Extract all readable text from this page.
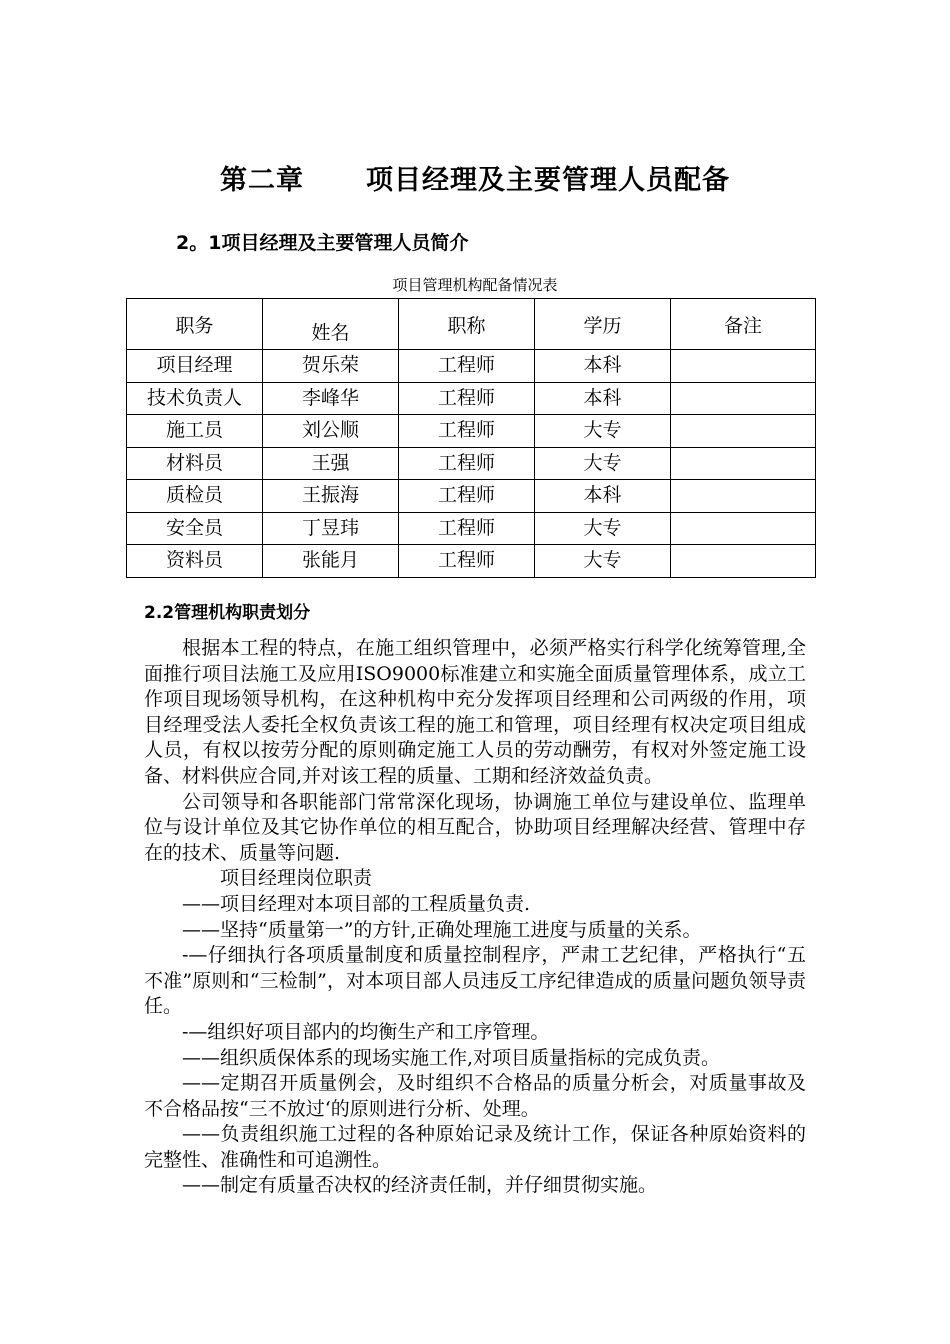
第二章 项目经理及主要管理人员配备
2。1项目经理及主要管理人员简介
项目管理机构配备情况表
职务	姓名	职称	学历	备注
项目经理	贺乐荣	工程师	本科	
技术负责人	李峰华	工程师	本科	
施工员	刘公顺	工程师	大专	
材料员	王强	工程师	大专	
质检员	王振海	工程师	本科	
安全员	丁昱玮	工程师	大专	
资料员	张能月	工程师	大专	
2.2管理机构职责划分

根据本工程的特点，在施工组织管理中，必须严格实行科学化统筹管理,全面推行项目法施工及应用ISO9000标准建立和实施全面质量管理体系，成立工作项目现场领导机构，在这种机构中充分发挥项目经理和公司两级的作用，项目经理受法人委托全权负责该工程的施工和管理，项目经理有权决定项目组成人员，有权以按劳分配的原则确定施工人员的劳动酬劳，有权对外签定施工设备、材料供应合同,并对该工程的质量、工期和经济效益负责。

公司领导和各职能部门常常深化现场，协调施工单位与建设单位、监理单位与设计单位及其它协作单位的相互配合，协助项目经理解决经营、管理中存在的技术、质量等问题.

项目经理岗位职责

——项目经理对本项目部的工程质量负责.

——坚持“质量第一”的方针,正确处理施工进度与质量的关系。

-—仔细执行各项质量制度和质量控制程序，严肃工艺纪律，严格执行“五不准”原则和“三检制”，对本项目部人员违反工序纪律造成的质量问题负领导责任。

-—组织好项目部内的均衡生产和工序管理。

——组织质保体系的现场实施工作,对项目质量指标的完成负责。

——定期召开质量例会，及时组织不合格品的质量分析会，对质量事故及不合格品按“三不放过‘的原则进行分析、处理。

——负责组织施工过程的各种原始记录及统计工作，保证各种原始资料的完整性、准确性和可追溯性。

——制定有质量否决权的经济责任制，并仔细贯彻实施。
